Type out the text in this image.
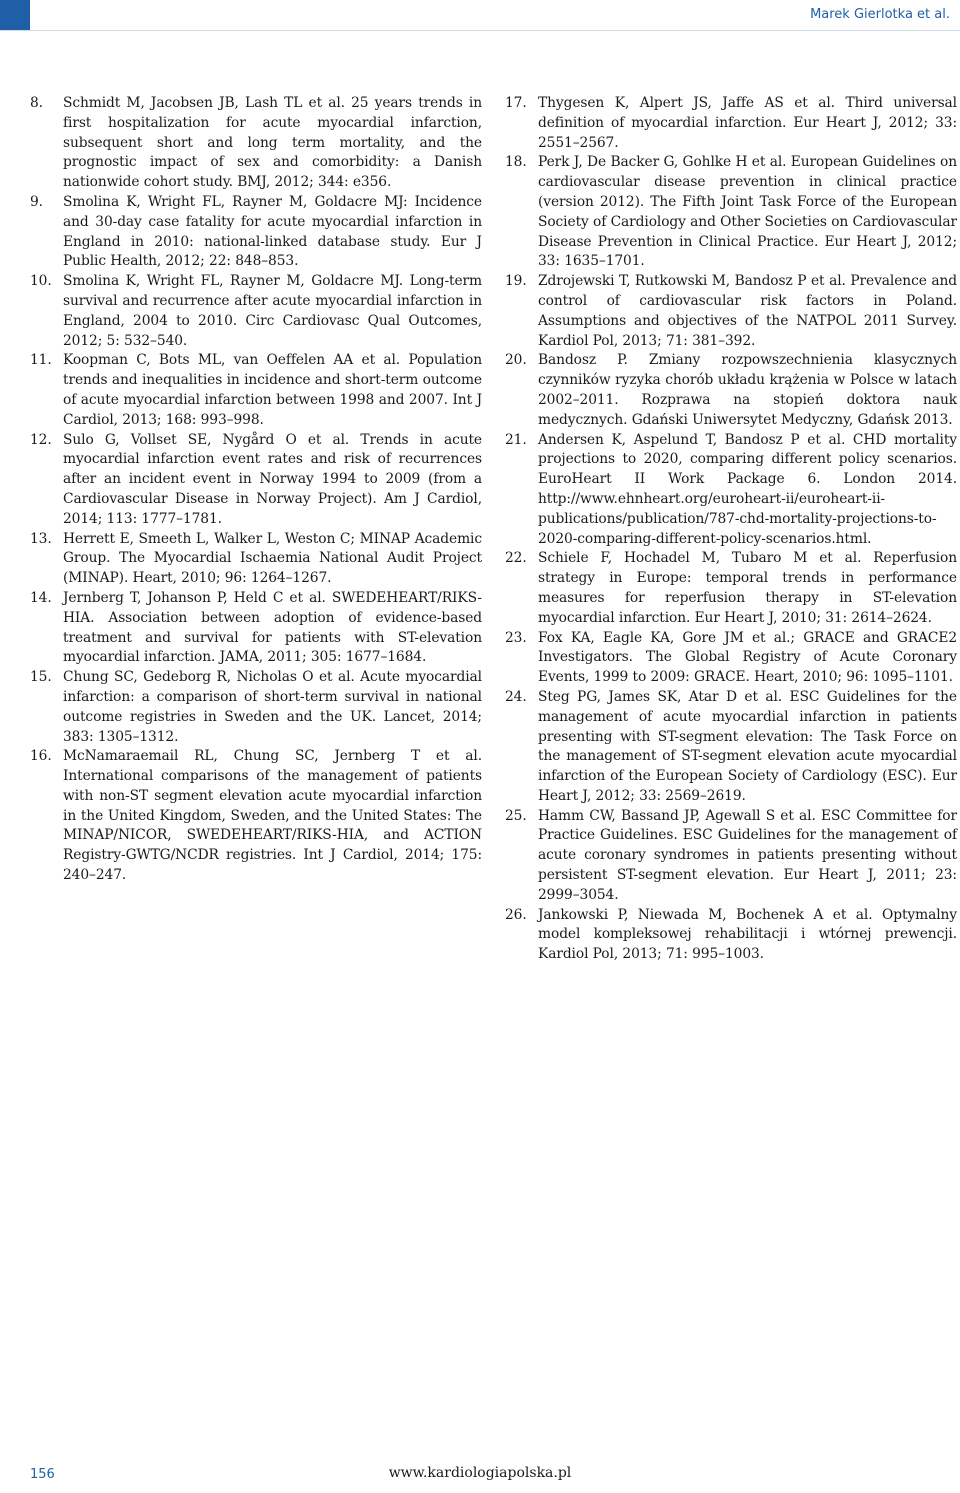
Marek Gierlotka et al.
8.	Schmidt M, Jacobsen JB, Lash TL et al. 25 years trends in first hospitalization for acute myocardial infarction, subsequent short and long term mortality, and the prognostic impact of sex and comorbidity: a Danish nationwide cohort study. BMJ, 2012; 344: e356.
9.	Smolina K, Wright FL, Rayner M, Goldacre MJ: Incidence and 30-day case fatality for acute myocardial infarction in England in 2010: national-linked database study. Eur J Public Health, 2012; 22: 848–853.
10. Smolina K, Wright FL, Rayner M, Goldacre MJ. Long-term survival and recurrence after acute myocardial infarction in England, 2004 to 2010. Circ Cardiovasc Qual Outcomes, 2012; 5: 532–540.
11. Koopman C, Bots ML, van Oeffelen AA et al. Population trends and inequalities in incidence and short-term outcome of acute myocardial infarction between 1998 and 2007. Int J Cardiol, 2013; 168: 993–998.
12. Sulo G, Vollset SE, Nygård O et al. Trends in acute myocardial infarction event rates and risk of recurrences after an incident event in Norway 1994 to 2009 (from a Cardiovascular Disease in Norway Project). Am J Cardiol, 2014; 113: 1777–1781.
13. Herrett E, Smeeth L, Walker L, Weston C; MINAP Academic Group. The Myocardial Ischaemia National Audit Project (MINAP). Heart, 2010; 96: 1264–1267.
14. Jernberg T, Johanson P, Held C et al. SWEDEHEART/RIKS-HIA. Association between adoption of evidence-based treatment and survival for patients with ST-elevation myocardial infarction. JAMA, 2011; 305: 1677–1684.
15. Chung SC, Gedeborg R, Nicholas O et al. Acute myocardial infarction: a comparison of short-term survival in national outcome registries in Sweden and the UK. Lancet, 2014; 383: 1305–1312.
16. McNamaraemail RL, Chung SC, Jernberg T et al. International comparisons of the management of patients with non-ST segment elevation acute myocardial infarction in the United Kingdom, Sweden, and the United States: The MINAP/NICOR, SWEDEHEART/RIKS-HIA, and ACTION Registry-GWTG/NCDR registries. Int J Cardiol, 2014; 175: 240–247.
17. Thygesen K, Alpert JS, Jaffe AS et al. Third universal definition of myocardial infarction. Eur Heart J, 2012; 33: 2551–2567.
18. Perk J, De Backer G, Gohlke H et al. European Guidelines on cardiovascular disease prevention in clinical practice (version 2012). The Fifth Joint Task Force of the European Society of Cardiology and Other Societies on Cardiovascular Disease Prevention in Clinical Practice. Eur Heart J, 2012; 33: 1635–1701.
19. Zdrojewski T, Rutkowski M, Bandosz P et al. Prevalence and control of cardiovascular risk factors in Poland. Assumptions and objectives of the NATPOL 2011 Survey. Kardiol Pol, 2013; 71: 381–392.
20. Bandosz P. Zmiany rozpowszechnienia klasycznych czynników ryzyka chorób układu krążenia w Polsce w latach 2002–2011. Rozprawa na stopień doktora nauk medycznych. Gdański Uniwersytet Medyczny, Gdańsk 2013.
21. Andersen K, Aspelund T, Bandosz P et al. CHD mortality projections to 2020, comparing different policy scenarios. EuroHeart II Work Package 6. London 2014. http://www.ehnheart.org/euroheart-ii/euroheart-ii-publications/publication/787-chd-mortality-projections-to-2020-comparing-different-policy-scenarios.html.
22. Schiele F, Hochadel M, Tubaro M et al. Reperfusion strategy in Europe: temporal trends in performance measures for reperfusion therapy in ST-elevation myocardial infarction. Eur Heart J, 2010; 31: 2614–2624.
23. Fox KA, Eagle KA, Gore JM et al.; GRACE and GRACE2 Investigators. The Global Registry of Acute Coronary Events, 1999 to 2009: GRACE. Heart, 2010; 96: 1095–1101.
24. Steg PG, James SK, Atar D et al. ESC Guidelines for the management of acute myocardial infarction in patients presenting with ST-segment elevation: The Task Force on the management of ST-segment elevation acute myocardial infarction of the European Society of Cardiology (ESC). Eur Heart J, 2012; 33: 2569–2619.
25. Hamm CW, Bassand JP, Agewall S et al. ESC Committee for Practice Guidelines. ESC Guidelines for the management of acute coronary syndromes in patients presenting without persistent ST-segment elevation. Eur Heart J, 2011; 23: 2999–3054.
26. Jankowski P, Niewada M, Bochenek A et al. Optymalny model kompleksowej rehabilitacji i wtórnej prewencji. Kardiol Pol, 2013; 71: 995–1003.
156	www.kardiologiapolska.pl
